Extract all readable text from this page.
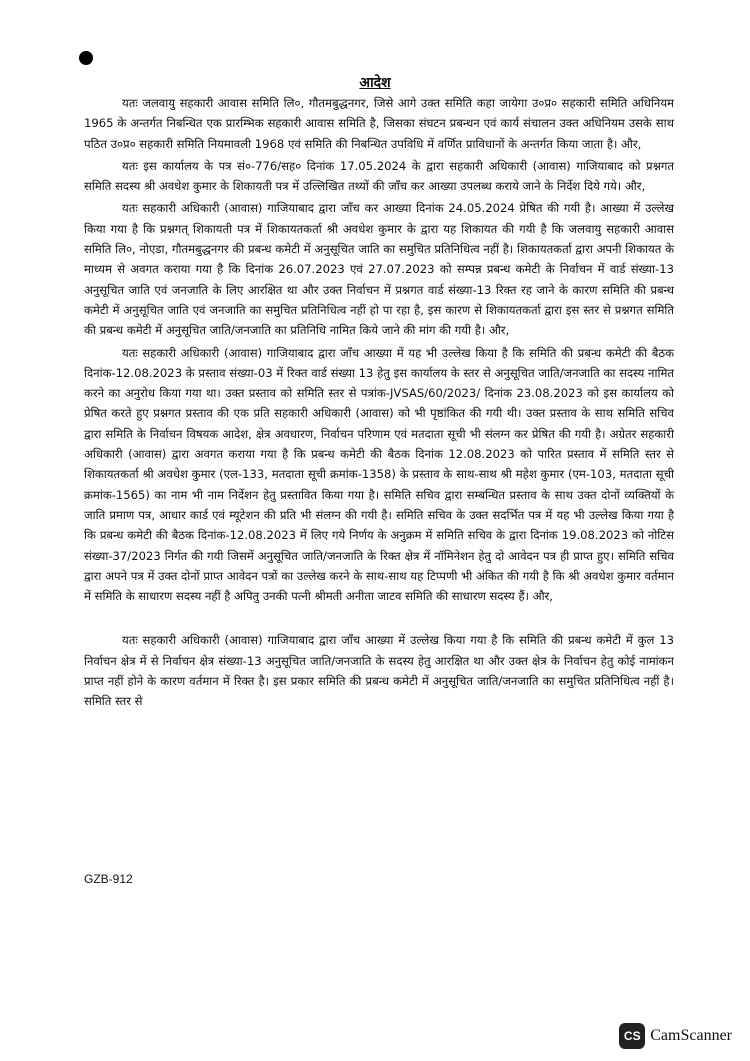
आदेश

यतः जलवायु सहकारी आवास समिति लि०, गौतमबुद्धनगर, जिसे आगे उक्त समिति कहा जायेगा उ०प्र० सहकारी समिति अधिनियम 1965 के अन्तर्गत निबन्धित एक प्रारम्भिक सहकारी आवास समिति है, जिसका संघटन प्रबन्धन एवं कार्य संचालन उक्त अधिनियम उसके साथ पठित उ०प्र० सहकारी समिति नियमावली 1968 एवं समिति की निबन्धित उपविधि में वर्णित प्राविधानों के अन्तर्गत किया जाता है। और,

यतः इस कार्यालय के पत्र सं०-776/सह० दिनांक 17.05.2024 के द्वारा सहकारी अधिकारी (आवास) गाजियाबाद को प्रश्नगत समिति सदस्य श्री अवधेश कुमार के शिकायती पत्र में उल्लिखित तथ्यों की जाँच कर आख्या उपलब्ध कराये जाने के निर्देश दिये गये। और,

यतः सहकारी अधिकारी (आवास) गाजियाबाद द्वारा जाँच कर आख्या दिनांक 24.05.2024 प्रेषित की गयी है। आख्या में उल्लेख किया गया है कि प्रश्नगत् शिकायती पत्र में शिकायतकर्ता श्री अवधेश कुमार के द्वारा यह शिकायत की गयी है कि जलवायु सहकारी आवास समिति लि०, नोएडा, गौतमबुद्धनगर की प्रबन्ध कमेटी में अनुसूचित जाति का समुचित प्रतिनिधित्व नहीं है। शिकायतकर्ता द्वारा अपनी शिकायत के माध्यम से अवगत कराया गया है कि दिनांक 26.07.2023 एवं 27.07.2023 को सम्पन्न प्रबन्ध कमेटी के निर्वाचन में वार्ड संख्या-13 अनुसूचित जाति एवं जनजाति के लिए आरक्षित था और उक्त निर्वाचन में प्रश्नगत वार्ड संख्या-13 रिक्त रह जाने के कारण समिति की प्रबन्ध कमेटी में अनुसूचित जाति एवं जनजाति का समुचित प्रतिनिधित्व नहीं हो पा रहा है, इस कारण से शिकायतकर्ता द्वारा इस स्तर से प्रश्नगत समिति की प्रबन्ध कमेटी में अनुसूचित जाति/जनजाति का प्रतिनिधि नामित किये जाने की मांग की गयी है। और,

यतः सहकारी अधिकारी (आवास) गाजियाबाद द्वारा जाँच आख्या में यह भी उल्लेख किया है कि समिति की प्रबन्ध कमेटी की बैठक दिनांक-12.08.2023 के प्रस्ताव संख्या-03 में रिक्त वार्ड संख्या 13 हेतु इस कार्यालय के स्तर से अनुसूचित जाति/जनजाति का सदस्य नामित करने का अनुरोध किया गया था। उक्त प्रस्ताव को समिति स्तर से पत्रांक-JVSAS/60/2023/ दिनांक 23.08.2023 को इस कार्यालय को प्रेषित करते हुए प्रश्नगत प्रस्ताव की एक प्रति सहकारी अधिकारी (आवास) को भी पृष्ठांकित की गयी थी। उक्त प्रस्ताव के साथ समिति सचिव द्वारा समिति के निर्वाचन विषयक आदेश, क्षेत्र अवधारण, निर्वाचन परिणाम एवं मतदाता सूची भी संलग्न कर प्रेषित की गयी है। अग्रेतर सहकारी अधिकारी (आवास) द्वारा अवगत कराया गया है कि प्रबन्ध कमेटी की बैठक दिनांक 12.08.2023 को पारित प्रस्ताव में समिति स्तर से शिकायतकर्ता श्री अवधेश कुमार (एल-133, मतदाता सूची क्रमांक-1358) के प्रस्ताव के साथ-साथ श्री महेश कुमार (एम-103, मतदाता सूची क्रमांक-1565) का नाम भी नाम निर्देशन हेतु प्रस्तावित किया गया है। समिति सचिव द्वारा सम्बन्धित प्रस्ताव के साथ उक्त दोनों व्यक्तियों के जाति प्रमाण पत्र, आधार कार्ड एवं म्यूटेशन की प्रति भी संलग्न की गयी है। समिति सचिव के उक्त सदर्भित पत्र में यह भी उल्लेख किया गया है कि प्रबन्ध कमेटी की बैठक दिनांक-12.08.2023 में लिए गये निर्णय के अनुक्रम में समिति सचिव के द्वारा दिनांक 19.08.2023 को नोटिस संख्या-37/2023 निर्गत की गयी जिसमें अनुसूचित जाति/जनजाति के रिक्त क्षेत्र में नॉमिनेशन हेतु दो आवेदन पत्र ही प्राप्त हुए। समिति सचिव द्वारा अपने पत्र में उक्त दोनों प्राप्त आवेदन पत्रों का उल्लेख करने के साथ-साथ यह टिप्पणी भी अंकित की गयी है कि श्री अवधेश कुमार वर्तमान में समिति के साधारण सदस्य नहीं है अपितु उनकी पत्नी श्रीमती अनीता जाटव समिति की साधारण सदस्य हैं। और,

यतः सहकारी अधिकारी (आवास) गाजियाबाद द्वारा जाँच आख्या में उल्लेख किया गया है कि समिति की प्रबन्ध कमेटी में कुल 13 निर्वाचन क्षेत्र में से निर्वाचन क्षेत्र संख्या-13 अनुसूचित जाति/जनजाति के सदस्य हेतु आरक्षित था और उक्त क्षेत्र के निर्वाचन हेतु कोई नामांकन प्राप्त नहीं होने के कारण वर्तमान में रिक्त है। इस प्रकार समिति की प्रबन्ध कमेटी में अनुसूचित जाति/जनजाति का समुचित प्रतिनिधित्व नहीं है। समिति स्तर से

GZB-912
CS CamScanner
